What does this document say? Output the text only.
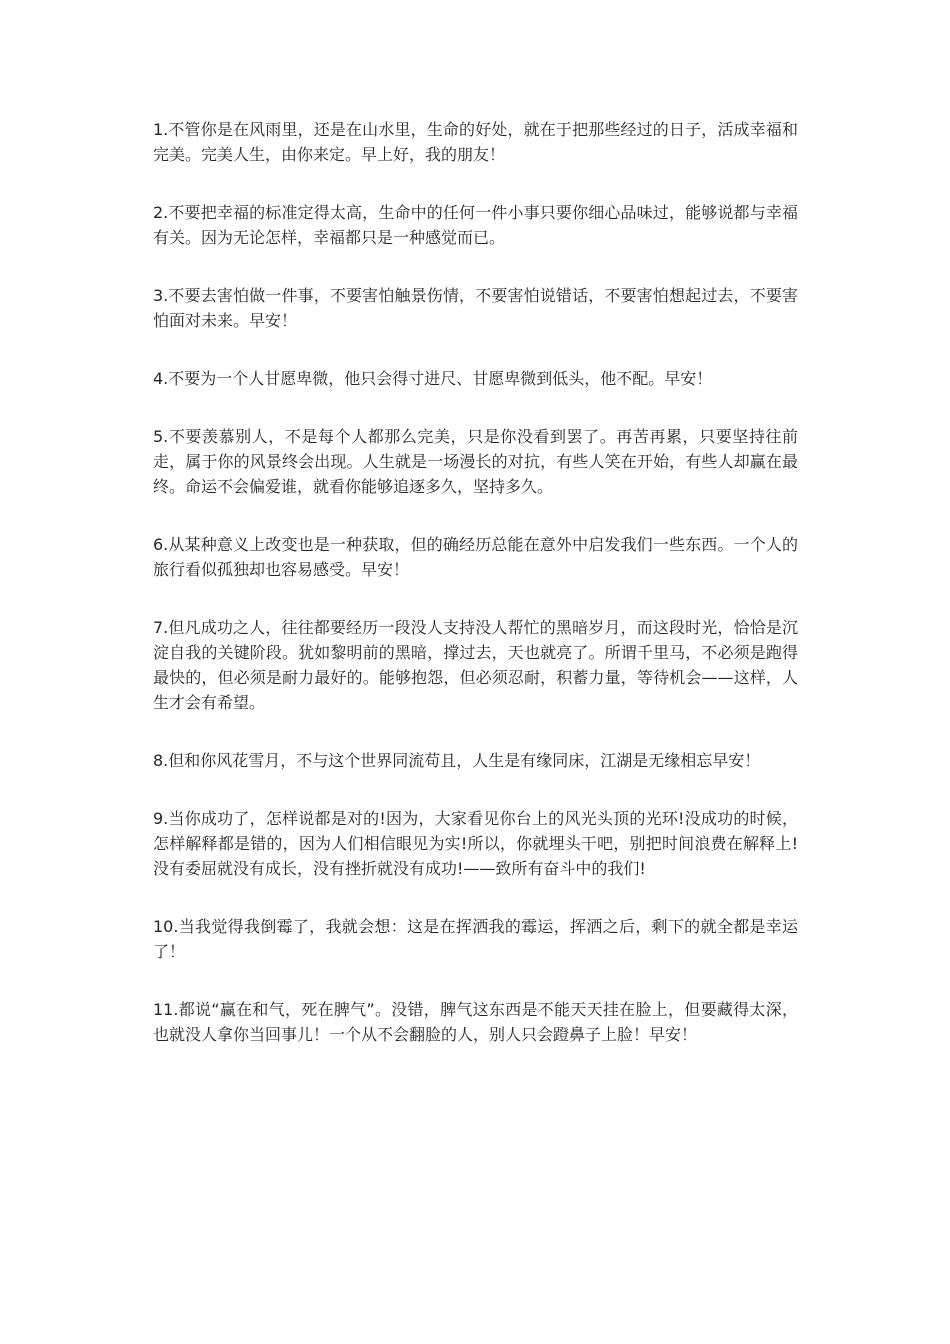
1.不管你是在风雨里，还是在山水里，生命的好处，就在于把那些经过的日子，活成幸福和完美。完美人生，由你来定。早上好，我的朋友！

2.不要把幸福的标准定得太高，生命中的任何一件小事只要你细心品味过，能够说都与幸福有关。因为无论怎样，幸福都只是一种感觉而已。

3.不要去害怕做一件事，不要害怕触景伤情，不要害怕说错话，不要害怕想起过去，不要害怕面对未来。早安！

4.不要为一个人甘愿卑微，他只会得寸进尺、甘愿卑微到低头，他不配。早安！

5.不要羡慕别人，不是每个人都那么完美，只是你没看到罢了。再苦再累，只要坚持往前走，属于你的风景终会出现。人生就是一场漫长的对抗，有些人笑在开始，有些人却赢在最终。命运不会偏爱谁，就看你能够追逐多久，坚持多久。

6.从某种意义上改变也是一种获取，但的确经历总能在意外中启发我们一些东西。一个人的旅行看似孤独却也容易感受。早安！

7.但凡成功之人，往往都要经历一段没人支持没人帮忙的黑暗岁月，而这段时光，恰恰是沉淀自我的关键阶段。犹如黎明前的黑暗，撑过去，天也就亮了。所谓千里马，不必须是跑得最快的，但必须是耐力最好的。能够抱怨，但必须忍耐，积蓄力量，等待机会——这样，人生才会有希望。

8.但和你风花雪月，不与这个世界同流苟且，人生是有缘同床，江湖是无缘相忘早安！

9.当你成功了，怎样说都是对的!因为，大家看见你台上的风光头顶的光环!没成功的时候，怎样解释都是错的，因为人们相信眼见为实!所以，你就埋头干吧，别把时间浪费在解释上!没有委屈就没有成长，没有挫折就没有成功!——致所有奋斗中的我们!

10.当我觉得我倒霉了，我就会想：这是在挥洒我的霉运，挥洒之后，剩下的就全都是幸运了！

11.都说“赢在和气，死在脾气”。没错，脾气这东西是不能天天挂在脸上，但要藏得太深，也就没人拿你当回事儿！一个从不会翻脸的人，别人只会蹬鼻子上脸！早安！
